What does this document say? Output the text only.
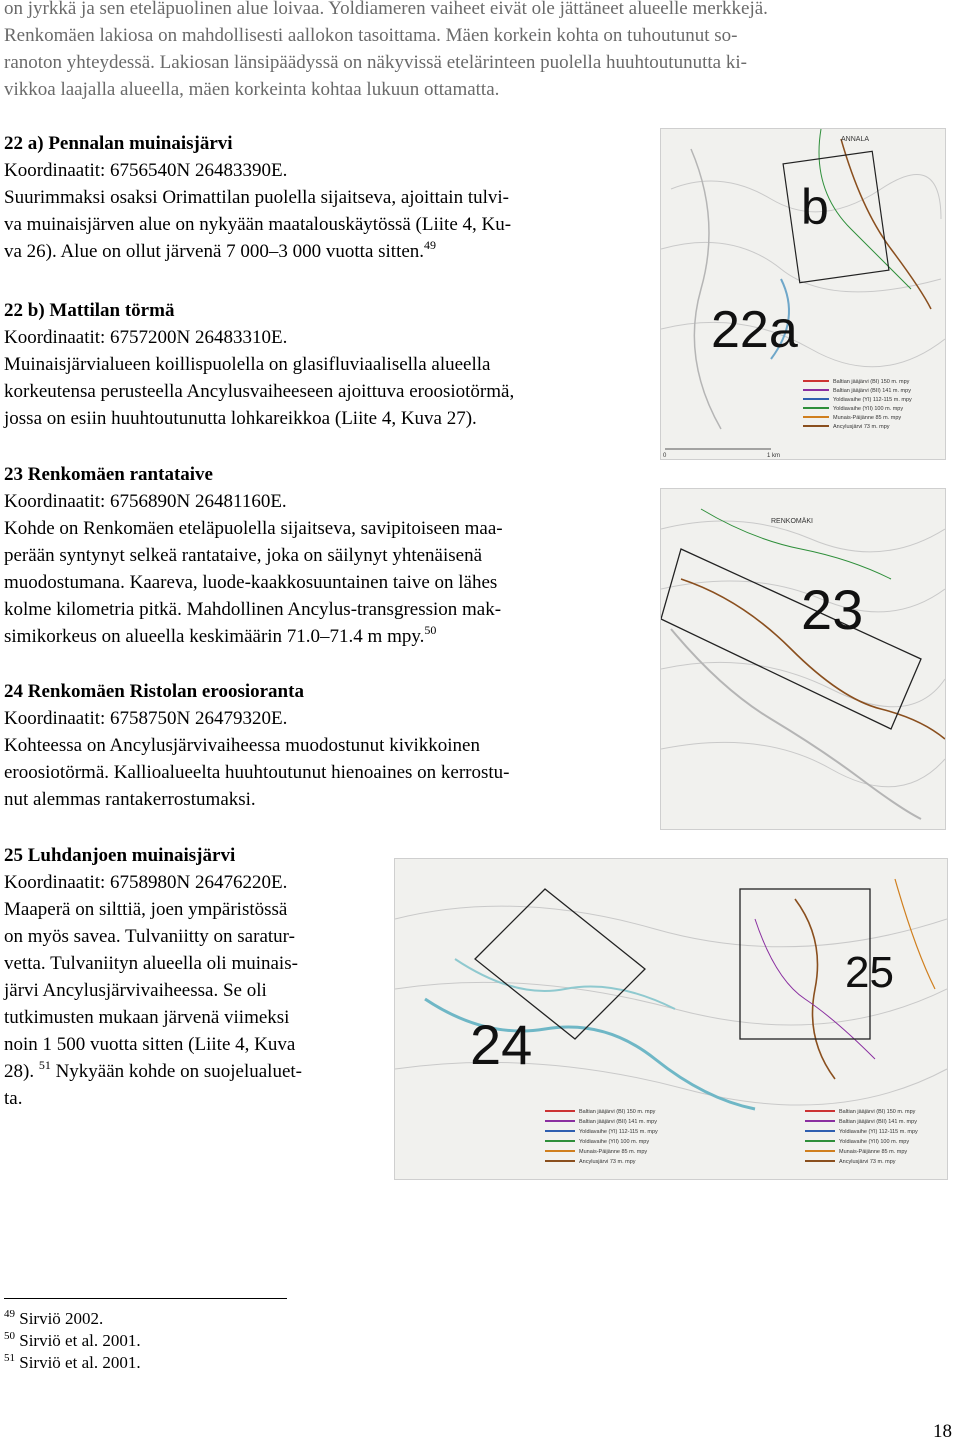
on jyrkkä ja sen eteläpuolinen alue loivaa. Yoldiameren vaiheet eivät ole jättäneet alueelle merkkejä.
Renkomäen lakiosa on mahdollisesti aallokon tasoittama. Mäen korkein kohta on tuhoutunut so-
ranoton yhteydessä. Lakiosan länsipäädyssä on näkyvissä etelärinteen puolella huuhtoutunutta ki-
vikkoa laajalla alueella, mäen korkeinta kohtaa lukuun ottamatta.
22 a) Pennalan muinaisjärvi
Koordinaatit: 6756540N 26483390E.
Suurimmaksi osaksi Orimattilan puolella sijaitseva, ajoittain tulvi-
va muinaisjärven alue on nykyään maatalouskäytössä (Liite 4, Ku-
va 26). Alue on ollut järvenä 7 000–3 000 vuotta sitten.$^{49}$
22 b) Mattilan törmä
Koordinaatit: 6757200N 26483310E.
Muinaisjärvialueen koillispuolella on glasifluviaalisella alueella
korkeutensa perusteella Ancylusvaiheeseen ajoittuva eroosiotörmä,
jossa on esiin huuhtoutunutta lohkareikkoa (Liite 4, Kuva 27).
23 Renkomäen rantataive
Koordinaatit: 6756890N 26481160E.
Kohde on Renkomäen eteläpuolella sijaitseva, savipitoiseen maa-
perään syntynyt selkeä rantataive, joka on säilynyt yhtenäisenä
muodostumana. Kaareva, luode-kaakkosuuntainen taive on lähes
kolme kilometria pitkä. Mahdollinen Ancylus-transgression mak-
simikorkeus on alueella keskimäärin 71.0–71.4 m mpy.$^{50}$
24 Renkomäen Ristolan eroosioranta
Koordinaatit: 6758750N 26479320E.
Kohteessa on Ancylusjärvivaiheessa muodostunut kivikkoinen
eroosiotörmä. Kallioalueelta huuhtoutunut hienoaines on kerrostu-
nut alemmas rantakerrostumaksi.
25 Luhdanjoen muinaisjärvi
Koordinaatit: 6758980N 26476220E.
Maaperä on silttiä, joen ympäristössä
on myös savea. Tulvaniitty on saratur-
vetta. Tulvaniityn alueella oli muinais-
järvi Ancylusjärvivaiheessa. Se oli
tutkimusten mukaan järvenä viimeksi
noin 1 500 vuotta sitten (Liite 4, Kuva
28). $^{51}$ Nykyään kohde on suojelualuet-
ta.
ANNALA
b
22a
Baltian jääjärvi (BI) 150 m. mpy
Baltian jääjärvi (BII) 141 m. mpy
Yoldiavaihe (YI) 112-115 m. mpy
Yoldiavaihe (YII) 100 m. mpy
Munais-Päijänne 85 m. mpy
Ancylusjärvi 73 m. mpy
0	1 km
RENKOMÄKI
23
24
25
Baltian jääjärvi (BI) 150 m. mpy
Baltian jääjärvi (BII) 141 m. mpy
Yoldiavaihe (YI) 112-115 m. mpy
Yoldiavaihe (YII) 100 m. mpy
Munais-Päijänne 85 m. mpy
Ancylusjärvi 73 m. mpy
Baltian jääjärvi (BI) 150 m. mpy
Baltian jääjärvi (BII) 141 m. mpy
Yoldiavaihe (YI) 112-115 m. mpy
Yoldiavaihe (YII) 100 m. mpy
Munais-Päijänne 85 m. mpy
Ancylusjärvi 73 m. mpy
$^{49}$ Sirviö 2002.
$^{50}$ Sirviö et al. 2001.
$^{51}$ Sirviö et al. 2001.
18
